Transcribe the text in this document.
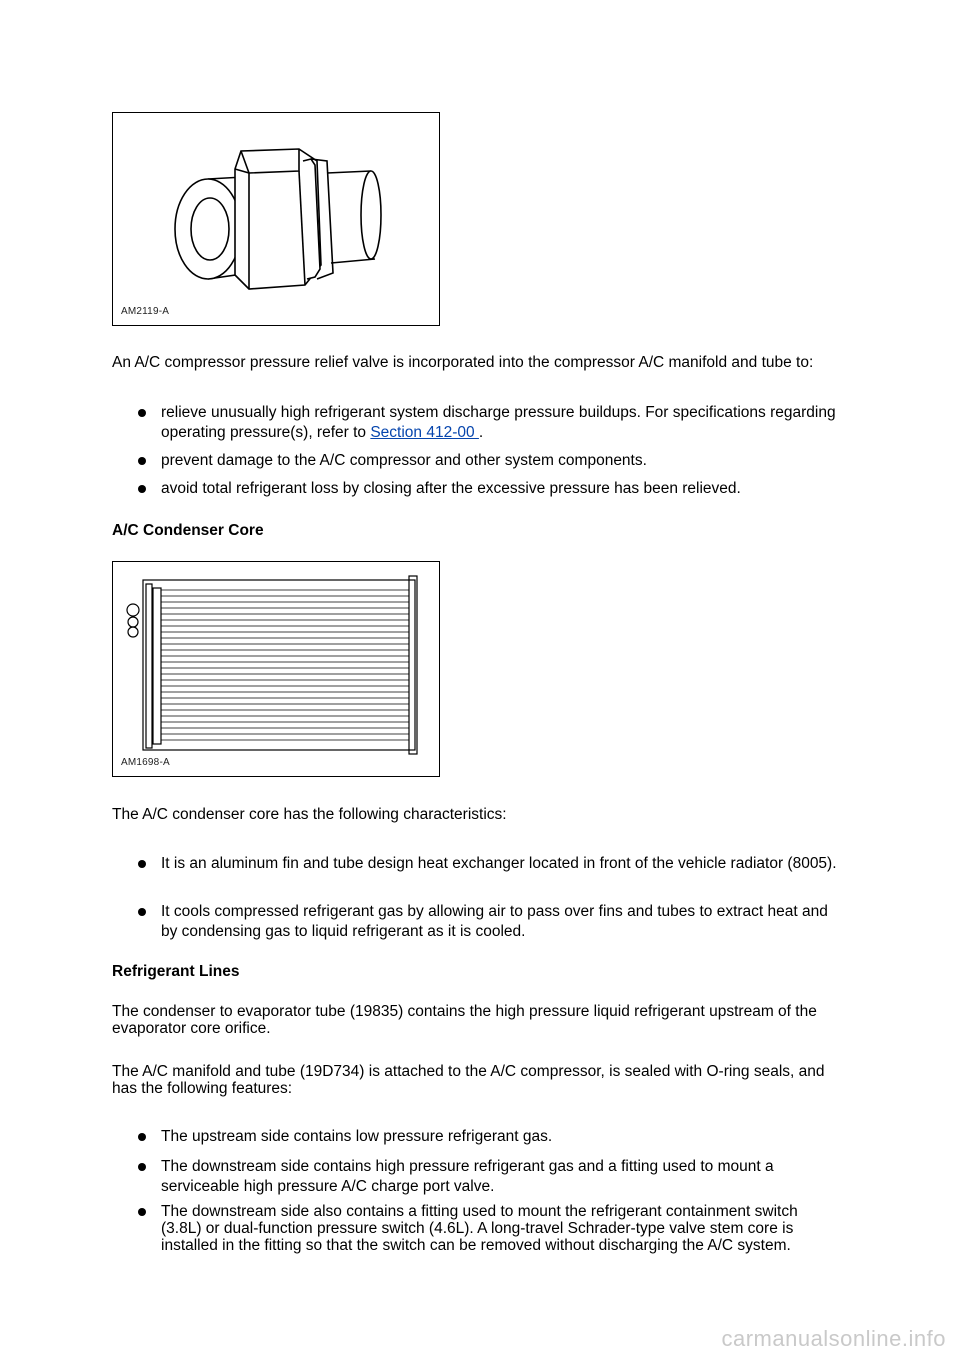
AM2119-A

An A/C compressor pressure relief valve is incorporated into the compressor A/C manifold and tube to:

relieve unusually high refrigerant system discharge pressure buildups. For specifications regarding operating pressure(s), refer to Section 412-00 .
prevent damage to the A/C compressor and other system components.
avoid total refrigerant loss by closing after the excessive pressure has been relieved.

A/C Condenser Core

AM1698-A

The A/C condenser core has the following characteristics:

It is an aluminum fin and tube design heat exchanger located in front of the vehicle radiator (8005).
It cools compressed refrigerant gas by allowing air to pass over fins and tubes to extract heat and by condensing gas to liquid refrigerant as it is cooled.

Refrigerant Lines

The condenser to evaporator tube (19835) contains the high pressure liquid refrigerant upstream of the evaporator core orifice.

The A/C manifold and tube (19D734) is attached to the A/C compressor, is sealed with O-ring seals, and has the following features:

The upstream side contains low pressure refrigerant gas.
The downstream side contains high pressure refrigerant gas and a fitting used to mount a serviceable high pressure A/C charge port valve.
The downstream side also contains a fitting used to mount the refrigerant containment switch (3.8L) or dual-function pressure switch (4.6L). A long-travel Schrader-type valve stem core is installed in the fitting so that the switch can be removed without discharging the A/C system.
carmanualsonline.info
